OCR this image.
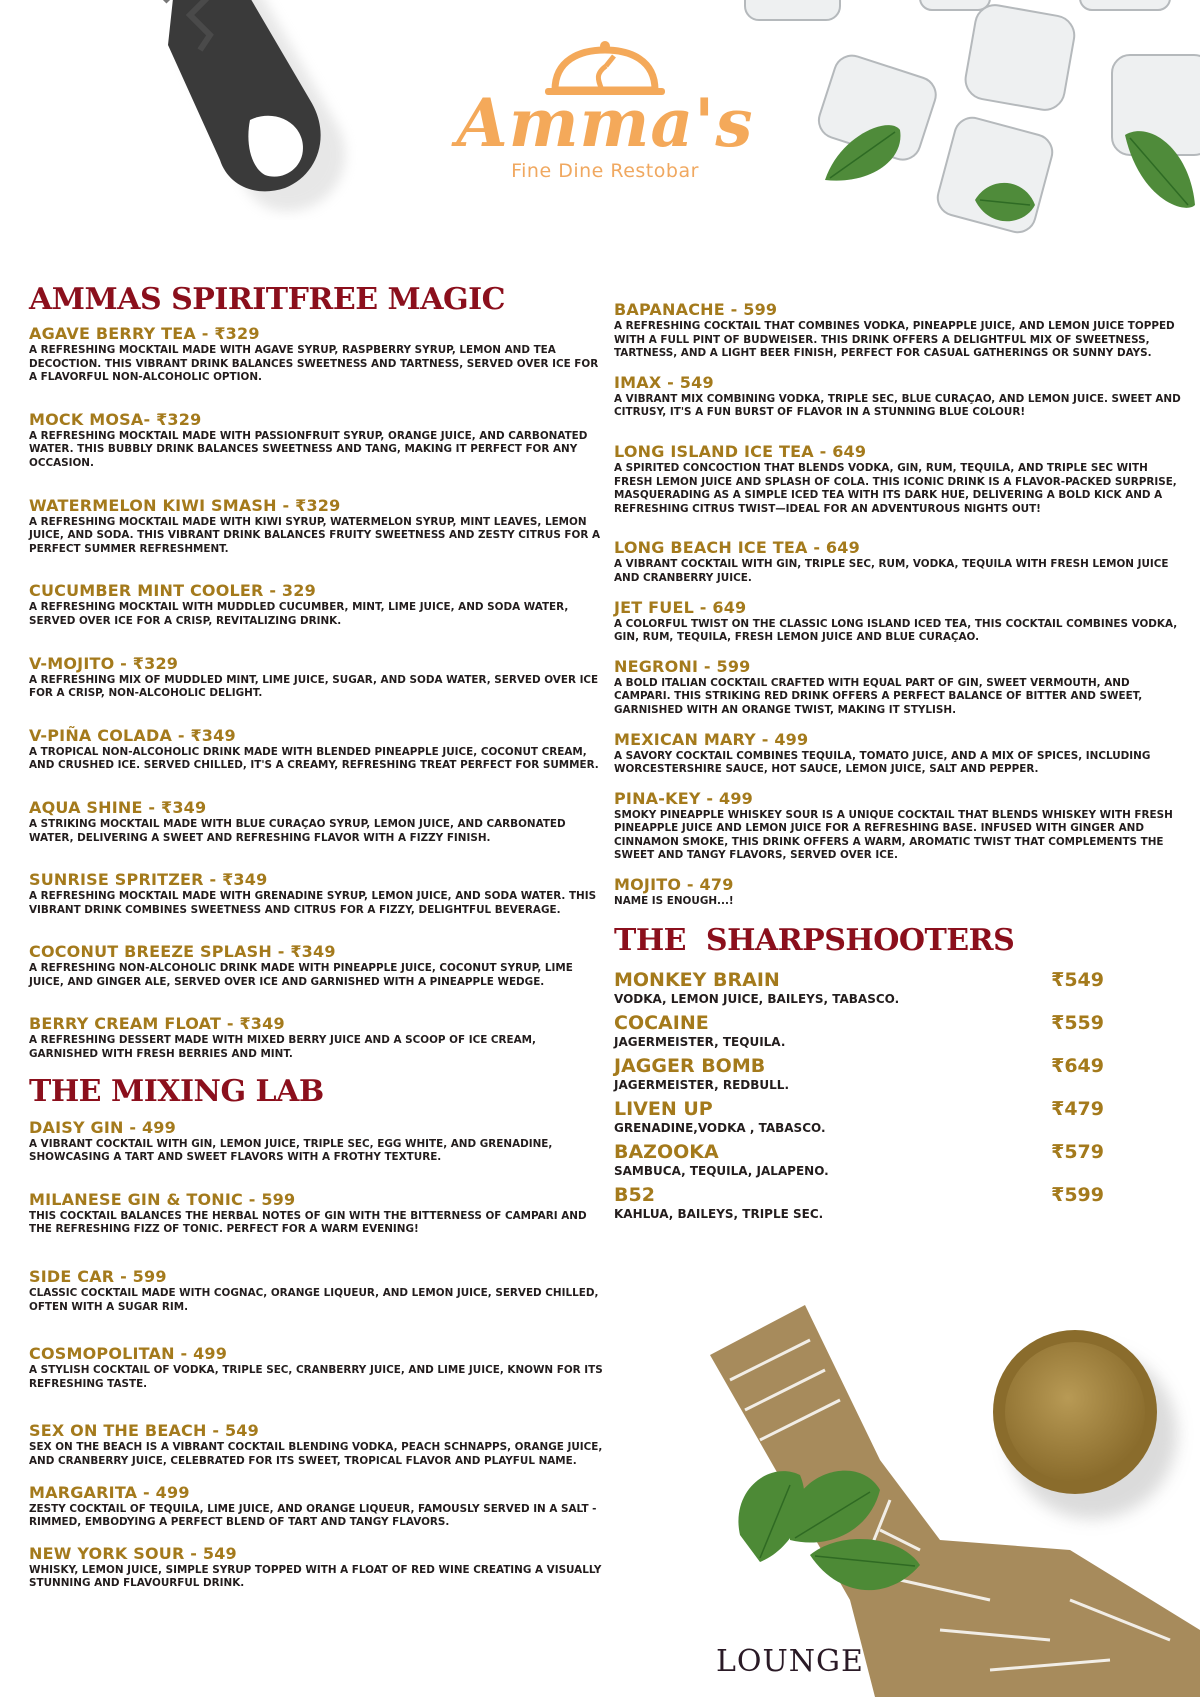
Amma's
Fine Dine Restobar
AMMAS SPIRITFREE MAGIC
AGAVE BERRY TEA - ₹329
A REFRESHING MOCKTAIL MADE WITH AGAVE SYRUP, RASPBERRY SYRUP, LEMON AND TEA DECOCTION. THIS VIBRANT DRINK BALANCES SWEETNESS AND TARTNESS, SERVED OVER ICE FOR A FLAVORFUL NON-ALCOHOLIC OPTION.
MOCK MOSA- ₹329
A REFRESHING MOCKTAIL MADE WITH PASSIONFRUIT SYRUP, ORANGE JUICE, AND CARBONATED WATER. THIS BUBBLY DRINK BALANCES SWEETNESS AND TANG, MAKING IT PERFECT FOR ANY OCCASION.
WATERMELON KIWI SMASH - ₹329
A REFRESHING MOCKTAIL MADE WITH KIWI SYRUP, WATERMELON SYRUP, MINT LEAVES, LEMON JUICE, AND SODA. THIS VIBRANT DRINK BALANCES FRUITY SWEETNESS AND ZESTY CITRUS FOR A PERFECT SUMMER REFRESHMENT.
CUCUMBER MINT COOLER - 329
A REFRESHING MOCKTAIL WITH MUDDLED CUCUMBER, MINT, LIME JUICE, AND SODA WATER, SERVED OVER ICE FOR A CRISP, REVITALIZING DRINK.
V-MOJITO - ₹329
A REFRESHING MIX OF MUDDLED MINT, LIME JUICE, SUGAR, AND SODA WATER, SERVED OVER ICE FOR A CRISP, NON-ALCOHOLIC DELIGHT.
V-PIÑA COLADA - ₹349
A TROPICAL NON-ALCOHOLIC DRINK MADE WITH BLENDED PINEAPPLE JUICE, COCONUT CREAM, AND CRUSHED ICE. SERVED CHILLED, IT'S A CREAMY, REFRESHING TREAT PERFECT FOR SUMMER.
AQUA SHINE - ₹349
A STRIKING MOCKTAIL MADE WITH BLUE CURAÇAO SYRUP, LEMON JUICE, AND CARBONATED WATER, DELIVERING A SWEET AND REFRESHING FLAVOR WITH A FIZZY FINISH.
SUNRISE SPRITZER - ₹349
A REFRESHING MOCKTAIL MADE WITH GRENADINE SYRUP, LEMON JUICE, AND SODA WATER. THIS VIBRANT DRINK COMBINES SWEETNESS AND CITRUS FOR A FIZZY, DELIGHTFUL BEVERAGE.
COCONUT BREEZE SPLASH - ₹349
A REFRESHING NON-ALCOHOLIC DRINK MADE WITH PINEAPPLE JUICE, COCONUT SYRUP, LIME JUICE, AND GINGER ALE, SERVED OVER ICE AND GARNISHED WITH A PINEAPPLE WEDGE.
BERRY CREAM FLOAT - ₹349
A REFRESHING DESSERT MADE WITH MIXED BERRY JUICE AND A SCOOP OF ICE CREAM, GARNISHED WITH FRESH BERRIES AND MINT.
THE MIXING LAB
DAISY GIN - 499
A VIBRANT COCKTAIL WITH GIN, LEMON JUICE, TRIPLE SEC, EGG WHITE, AND GRENADINE, SHOWCASING A TART AND SWEET FLAVORS WITH A FROTHY TEXTURE.
MILANESE GIN & TONIC - 599
THIS COCKTAIL BALANCES THE HERBAL NOTES OF GIN WITH THE BITTERNESS OF CAMPARI AND THE REFRESHING FIZZ OF TONIC. PERFECT FOR A WARM EVENING!
SIDE CAR - 599
CLASSIC COCKTAIL MADE WITH COGNAC, ORANGE LIQUEUR, AND LEMON JUICE, SERVED CHILLED, OFTEN WITH A SUGAR RIM.
COSMOPOLITAN - 499
A STYLISH COCKTAIL OF VODKA, TRIPLE SEC, CRANBERRY JUICE, AND LIME JUICE, KNOWN FOR ITS REFRESHING TASTE.
SEX ON THE BEACH - 549
SEX ON THE BEACH IS A VIBRANT COCKTAIL BLENDING VODKA, PEACH SCHNAPPS, ORANGE JUICE, AND CRANBERRY JUICE, CELEBRATED FOR ITS SWEET, TROPICAL FLAVOR AND PLAYFUL NAME.
MARGARITA - 499
ZESTY COCKTAIL OF TEQUILA, LIME JUICE, AND ORANGE LIQUEUR, FAMOUSLY SERVED IN A SALT - RIMMED, EMBODYING A PERFECT BLEND OF TART AND TANGY FLAVORS.
NEW YORK SOUR - 549
WHISKY, LEMON JUICE, SIMPLE SYRUP TOPPED WITH A FLOAT OF RED WINE CREATING A VISUALLY STUNNING AND FLAVOURFUL DRINK.
BAPANACHE - 599
A REFRESHING COCKTAIL THAT COMBINES VODKA, PINEAPPLE JUICE, AND LEMON JUICE TOPPED WITH A FULL PINT OF BUDWEISER. THIS DRINK OFFERS A DELIGHTFUL MIX OF SWEETNESS, TARTNESS, AND A LIGHT BEER FINISH, PERFECT FOR CASUAL GATHERINGS OR SUNNY DAYS.
IMAX - 549
A VIBRANT MIX COMBINING VODKA, TRIPLE SEC, BLUE CURAÇAO, AND LEMON JUICE. SWEET AND CITRUSY, IT'S A FUN BURST OF FLAVOR IN A STUNNING BLUE COLOUR!
LONG ISLAND ICE TEA - 649
A SPIRITED CONCOCTION THAT BLENDS VODKA, GIN, RUM, TEQUILA, AND TRIPLE SEC WITH FRESH LEMON JUICE AND SPLASH OF COLA. THIS ICONIC DRINK IS A FLAVOR-PACKED SURPRISE, MASQUERADING AS A SIMPLE ICED TEA WITH ITS DARK HUE, DELIVERING A BOLD KICK AND A REFRESHING CITRUS TWIST—IDEAL FOR AN ADVENTUROUS NIGHTS OUT!
LONG BEACH ICE TEA - 649
A VIBRANT COCKTAIL WITH GIN, TRIPLE SEC, RUM, VODKA, TEQUILA WITH FRESH LEMON JUICE AND CRANBERRY JUICE.
JET FUEL - 649
A COLORFUL TWIST ON THE CLASSIC LONG ISLAND ICED TEA, THIS COCKTAIL COMBINES VODKA, GIN, RUM, TEQUILA, FRESH LEMON JUICE AND BLUE CURAÇAO.
NEGRONI - 599
A BOLD ITALIAN COCKTAIL CRAFTED WITH EQUAL PART OF GIN, SWEET VERMOUTH, AND CAMPARI. THIS STRIKING RED DRINK OFFERS A PERFECT BALANCE OF BITTER AND SWEET, GARNISHED WITH AN ORANGE TWIST, MAKING IT STYLISH.
MEXICAN MARY - 499
A SAVORY COCKTAIL COMBINES TEQUILA, TOMATO JUICE, AND A MIX OF SPICES, INCLUDING WORCESTERSHIRE SAUCE, HOT SAUCE, LEMON JUICE, SALT AND PEPPER.
PINA-KEY - 499
SMOKY PINEAPPLE WHISKEY SOUR IS A UNIQUE COCKTAIL THAT BLENDS WHISKEY WITH FRESH PINEAPPLE JUICE AND LEMON JUICE FOR A REFRESHING BASE. INFUSED WITH GINGER AND CINNAMON SMOKE, THIS DRINK OFFERS A WARM, AROMATIC TWIST THAT COMPLEMENTS THE SWEET AND TANGY FLAVORS, SERVED OVER ICE.
MOJITO - 479
NAME IS ENOUGH...!
THE  SHARPSHOOTERS
MONKEY BRAIN	₹549
VODKA, LEMON JUICE, BAILEYS, TABASCO.
COCAINE	₹559
JAGERMEISTER, TEQUILA.
JAGGER BOMB	₹649
JAGERMEISTER, REDBULL.
LIVEN UP	₹479
GRENADINE,VODKA , TABASCO.
BAZOOKA	₹579
SAMBUCA, TEQUILA, JALAPENO.
B52	₹599
KAHLUA, BAILEYS, TRIPLE SEC.
LOUNGE
